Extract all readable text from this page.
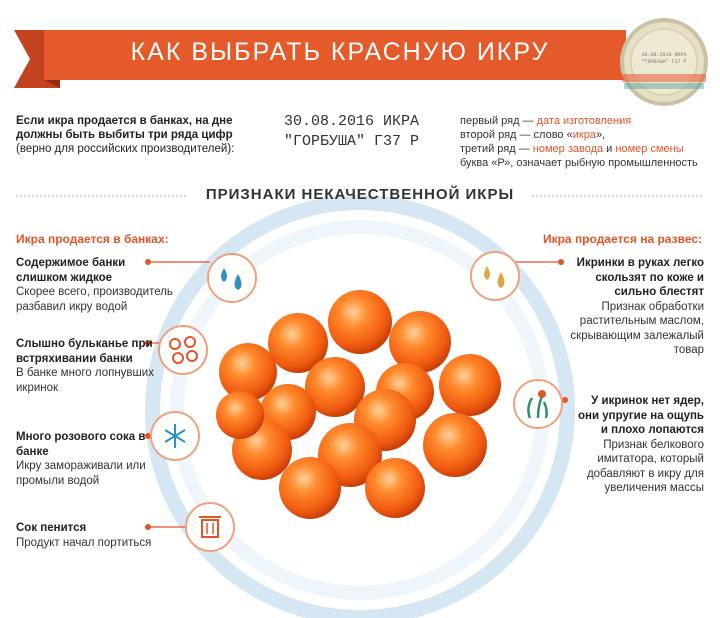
30.08.2016 ИКРА
"ГОРБУША" Г37 Р
КАК ВЫБРАТЬ КРАСНУЮ ИКРУ
Если икра продается в банках, на дне должны быть выбиты три ряда цифр
(верно для российских производителей):
30.08.2016 ИКРА
"ГОРБУША" Г37 Р
первый ряд — дата изготовления
второй ряд — слово «икра»,
третий ряд — номер завода и номер смены
буква «Р», означает рыбную промышленность
ПРИЗНАКИ НЕКАЧЕСТВЕННОЙ ИКРЫ
Икра продается в банках:	Икра продается на развес:
Содержимое банки слишком жидкое
Скорее всего, производитель разбавил икру водой
Слышно бульканье при встряхивании банки
В банке много лопнувших икринок
Много розового сока в банке
Икру замораживали или промыли водой
Сок пенится
Продукт начал портиться
Икринки в руках легко скользят по коже и сильно блестят
Признак обработки растительным маслом, скрывающим залежалый товар
У икринок нет ядер, они упругие на ощупь и плохо лопаются
Признак белкового имитатора, который добавляют в икру для увеличения массы
